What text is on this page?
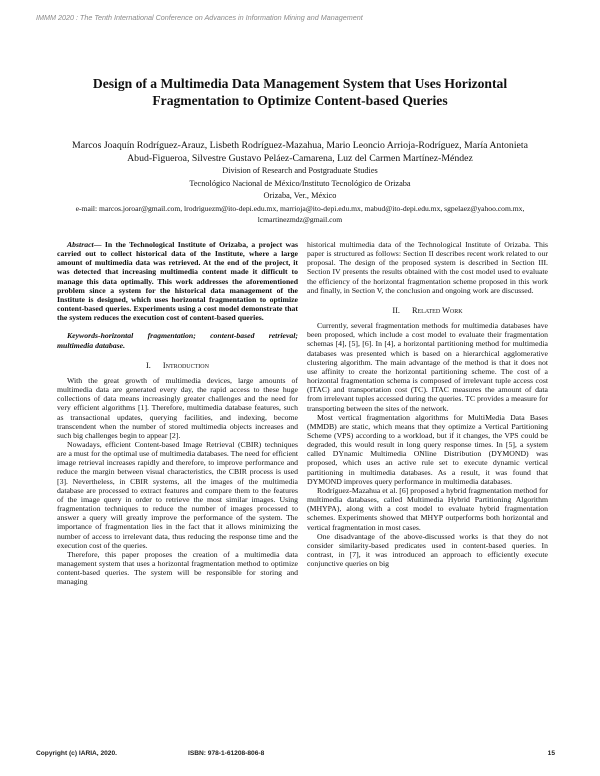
IMMM 2020 : The Tenth International Conference on Advances in Information Mining and Management
Design of a Multimedia Data Management System that Uses Horizontal Fragmentation to Optimize Content-based Queries
Marcos Joaquín Rodríguez-Arauz, Lisbeth Rodríguez-Mazahua, Mario Leoncio Arrioja-Rodríguez, María Antonieta Abud-Figueroa, Silvestre Gustavo Peláez-Camarena, Luz del Carmen Martínez-Méndez
Division of Research and Postgraduate Studies
Tecnológico Nacional de México/Instituto Tecnológico de Orizaba
Orizaba, Ver., México
e-mail: marcos.joroar@gmail.com, lrodriguezm@ito-depi.edu.mx, marrioja@ito-depi.edu.mx, mabud@ito-depi.edu.mx, sgpelaez@yahoo.com.mx, lcmartinezmdz@gmail.com

Abstract— In the Technological Institute of Orizaba, a project was carried out to collect historical data of the Institute, where a large amount of multimedia data was retrieved. At the end of the project, it was detected that increasing multimedia content made it difficult to manage this data optimally. This work addresses the aforementioned problem since a system for the historical data management of the Institute is designed, which uses horizontal fragmentation to optimize content-based queries. Experiments using a cost model demonstrate that the system reduces the execution cost of content-based queries.

Keywords-horizontal fragmentation; content-based retrieval; multimedia database.

I. Introduction

With the great growth of multimedia devices, large amounts of multimedia data are generated every day, the rapid access to these huge collections of data means increasingly greater challenges and the need for very efficient algorithms [1]. Therefore, multimedia database features, such as transactional updates, querying facilities, and indexing, become transcendent when the number of stored multimedia objects increases and such big challenges begin to appear [2].

Nowadays, efficient Content-based Image Retrieval (CBIR) techniques are a must for the optimal use of multimedia databases. The need for efficient image retrieval increases rapidly and therefore, to improve performance and reduce the margin between visual characteristics, the CBIR process is used [3]. Nevertheless, in CBIR systems, all the images of the multimedia database are processed to extract features and compare them to the features of the image query in order to retrieve the most similar images. Using fragmentation techniques to reduce the number of images processed to answer a query will greatly improve the performance of the system. The importance of fragmentation lies in the fact that it allows minimizing the number of access to irrelevant data, thus reducing the response time and the execution cost of the queries.

Therefore, this paper proposes the creation of a multimedia data management system that uses a horizontal fragmentation method to optimize content-based queries. The system will be responsible for storing and managing

historical multimedia data of the Technological Institute of Orizaba. This paper is structured as follows: Section II describes recent work related to our proposal. The design of the proposed system is described in Section III. Section IV presents the results obtained with the cost model used to evaluate the efficiency of the horizontal fragmentation scheme proposed in this work and finally, in Section V, the conclusion and ongoing work are discussed.

II. Related Work

Currently, several fragmentation methods for multimedia databases have been proposed, which include a cost model to evaluate their fragmentation schemas [4], [5], [6]. In [4], a horizontal partitioning method for multimedia databases was presented which is based on a hierarchical agglomerative clustering algorithm. The main advantage of the method is that it does not use affinity to create the horizontal partitioning scheme. The cost of a horizontal fragmentation schema is composed of irrelevant tuple access cost (ITAC) and transportation cost (TC). ITAC measures the amount of data from irrelevant tuples accessed during the queries. TC provides a measure for transporting between the sites of the network.

Most vertical fragmentation algorithms for MultiMedia Data Bases (MMDB) are static, which means that they optimize a Vertical Partitioning Scheme (VPS) according to a workload, but if it changes, the VPS could be degraded, this would result in long query response times. In [5], a system called DYnamic Multimedia ONline Distribution (DYMOND) was proposed, which uses an active rule set to execute dynamic vertical partitioning in multimedia databases. As a result, it was found that DYMOND improves query performance in multimedia databases.

Rodríguez-Mazahua et al. [6] proposed a hybrid fragmentation method for multimedia databases, called Multimedia Hybrid Partitioning Algorithm (MHYPA), along with a cost model to evaluate hybrid fragmentation schemes. Experiments showed that MHYP outperforms both horizontal and vertical fragmentation in most cases.

One disadvantage of the above-discussed works is that they do not consider similarity-based predicates used in content-based queries. In contrast, in [7], it was introduced an approach to efficiently execute conjunctive queries on big

Copyright (c) IARIA, 2020.	ISBN: 978-1-61208-806-8	15
